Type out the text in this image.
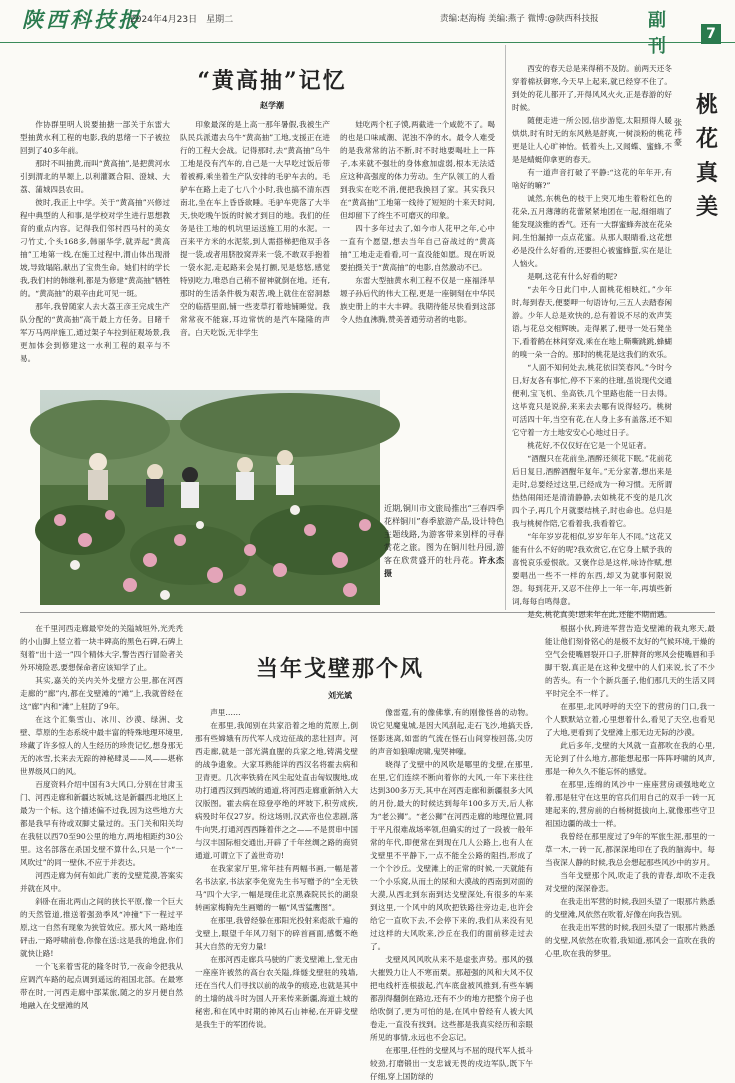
陕西科技报
2024年4月23日　星期二	责编:赵海梅 美编:燕子 微博:@陕西科技报	副刊
7
“黄高抽”记忆
赵学潮

作协群里明人说要抽搪一部关于东雷大型抽黄水利工程的电影,我的思绪一下子被拉回到了40多年前。

那时不叫抽黄,而叫“黄高抽”,是把黄河水引到渭北的旱塬上,以利灌溉合阳、澄城、大荔、蒲城四县农田。

彼时,我正上中学。关于“黄高抽”兴修过程中典型的人和事,是学校对学生进行思想教育的重点内容。记得我们邻村西马村的美女刁竹丈,个头168多,韩丽华学,就弄起“黄高抽”工地第一线,在施工过程中,渭山体出现滑坡,导致塌陷,献出了宝贵生命。她们村的学长我,我们村的韩继利,都是为修建“黄高抽”牺牲的。“黄高抽”的艰辛由此可见一斑。

那年,我曾随家人去大荔王彦王完成生产队分配的“黄高抽”高干最上方任务。目睹千军万马两岸施工,通过架子车拉到征观场景,我更加体会到修建这一水利工程的艰辛与不易。

印象最深的是上高一那年暑假,我被生产队民兵派遣去乌牛“黄高抽”工地,支援正在进行的工程大会战。记得那时,去“黄高抽”乌牛工地是没有汽车的,自己是一大早吃过饭后带着被褥,乘坐着生产队安排的毛驴车去的。毛驴车在路上走了七八个小时,我也搞不清东西南北,坐在车上昏昏欲睡。毛驴车兜落了大半天,快吃晚午饭的时候才到目的地。我们的任务是往工地的机坑里运送施工用的水泥。一百来平方米的水泥浆,到人需搭梯把他双手各提一袋,或者用脐胶窝弄来一袋,不敢双手抱着一袋水泥,走起路来会晃打颤,见是悠悠,感觉特别吃力,唯恐自己稍不留神就倒在地。还有,那时的生活条件极为艰苦,晚上就住在窑洞悬空的临搭里面,铺一些麦草打着地铺睡觉。我常常夜不能寐,耳边常恍的是汽车隆隆的声音。白天吃饭,无非学生

娃吃两个杠子馍,两截进一个咸乾不了。喝的也是口味咸潮、泥浊不净的水。最令人难受的是我常常的沾不断,时不时地要喝吐上一阵子,本来就不强壮的身体愈加虚弱,根本无法适应这种高强度的体力劳动。生产队领工的人看到我实在吃不消,便把我换回了家。其实我只在“黄高抽”工地第一线待了短短的十来天时间,但却留下了终生不可磨灭的印象。

四十多年过去了,如今市人花甲之年,心中一直有个愿望,想去当年自己奋战过的“黄高抽”工地走走看看,可一直没能如愿。现在听说要拍摄关于“黄高抽”的电影,自然激动不已。

东雷大型抽黄水利工程不仅是一座福泽旱塬子孙后代的伟大工程,更是一座铜刻在中华民族史册上的丰大丰碑。我期待能尽快看到这部令人热血沸腾,赞美普通劳动者的电影。

桃
花
真
美
张
祎
豪

西安的春天总是来得稍不及防。前两天还冬穿着棉袄御寒,今天早上起来,就已经穿不住了。到处的花儿都开了,开得风风火火,正是春游的好时候。

随便走进一所公园,信步游览,太阳照得人暖烘烘,时有时无的东风熟是舒爽,一树淡粉的桃花更是让人心旷神怡。低着头上,又闻蝶、蜜蜂,不是是蜻蜓仰拿更的春天。

有一道声音打破了平静:“这花的年年开,有啥好的嘛?”

诚然,东桃色的枝干上突兀地生着粉红色的花朵,五月薄薄的花蕾紧紧地团在一起,细细端了能发现淡雅的香气。还有一大群蜜蜂奔波在花朵间,生怕漏掉一点点花蜜。从那人眼睛看,这花想必是没什么好看的,还要担心被蜜蜂蜇,实在是让人恼火。

是啊,这花有什么好看的呢?

“去年今日此门中,人面桃花相映红。”少年时,每到春天,便要呷一句语诗句,三五人去踏春闲游。少年人总是欢快的,总有着说不尽的欢声笑语,与花总交相辉映。走得累了,便寻一处石凳坐下,看着鹤在林间穿戏,乘在在地上嘶嘶跳跳,蜂蝴的嗅一朵一合的。那时的桃花是这我们的欢乐。

“人面不知何处去,桃花依旧笑春风。”今时今日,好友各有事忙,停不下来的往璀,虽说现代交通便利,宝飞机、坐高铁,几个里路也能一日去得。这毕竟只是说辞,来来去去哪有说得轻巧。桃树可活四十年,当空有花,在人身上多有盖落,还不知它守着一方土地安安心心地过日子。

桃花好,不仅仅好在它是一个见证者。

“酒醒只在花前坐,酒醉还须花下眠。”花前花后日复日,酒醉酒醒年复年。”无分家著,想出来是走时,总要经过这里,已经成为一种习惯。无所谓热热闹闹还是清清静静,去如桃花不变的是几次四个子,再几个月就要结桃子,时也命也。总归是我与桃树作陪,它看着我,我看着它。

“年年岁岁花相似,岁岁年年人不同。”这花又能有什么不好的呢?我欢赏它,在它身上赋予我的喜悦哀乐爱恨欲。又褒作总是这样,咏诗作赋,想要唱出一些不一样的东西,却又为就事何限说怨。每到花开,又忍不住停上一年一年,再填些新词,每每自鸣得意。

是矣,桃花真美!恩来年在此,还能不期而遇。

近期,铜川市文旅局推出“三春四季 花样铜川”春季旅游产品,设计特色主题线路,为游客带来别样的寻春赏花之旅。图为在铜川牡丹园,游客在欣赏盛开的牡丹花。许永杰　摄
当年戈壁那个风
刘光斌

在千里河西走廊最窄处的关隘城垣外,光秃秃的小山脚上竖立着一块丰碑高的黑色石碑,石碑上刻着“出十送一”四个精体大字,警告西行冒险者关外环境险恶,要想保命者应该知学了止。

其实,嘉关的关内关外戈壁方公里,都在河西走廊的“廊”内,都在戈壁滩的“滩”上,我就曾经在这“廊”内和“滩”上驻防了9年。

在这个汇集雪山、冰川、沙漠、绿洲、戈壁、草原的生态系统中最丰富的特殊地理环境里,珍藏了许多惊人的人生经历的珍贵记忆,想身那无无的冰雪,长来去无踪的神秘肆灵——风——堪称世界级风口的风。

百度资料介绍中国有3大风口,分别在甘肃玉门、河西走廊和新疆达坂城,这是新疆西北地区上最为一个标。这个描述偏不过我,因为这些地方大都是我早有待或双脚丈量过的。玉门关和阳关均在我驻以西70至90公里的地方,两地相距约30公里。这名部落在杀国戈壁不算什么,只是一个“一风吹过”的同一壁休,不应于并表达。

河西走廊为何有如此广袤的戈壁荒漠,答案实并就在风中。

斜卧在南北两山之间的狭长平原,像一个巨大的天然管道,推送着强劲季风“冲撞”下一程过平原,这一自然有现象为狭管效应。那大风一路地连砰击,一路呼啸前卷,你像在送:这是我的地盘,你们就快让路!

一个飞来着雪花的隆冬时节,一夜命令把我从应调汽车路的起点调到遥远的祖国北部。在最寒带在时,一河西走廊中部某旅,随之的岁月便自然地融入在戈壁滩的风

声里……

在那里,我闻别在共家沿着之地的荒原上,倒那有些嫦娥有历代军人戍边征战的悲壮回声。河西走廊,就是一部光满血腥的兵家之地,铸满戈壁的战争遗象。大家耳熟能详的西汉名将霍去病和卫青更。几次率铁骑在风尘起处直击匈奴腹地,成功打通西汉到西域的通道,将河西走廊重新纳入大汉版图。霍去病在琼登亭绝的坪坡下,积劳成疾,病殁时年仅27岁。纷这场则,汉武帝也位悲剧,落牛向哭,打通河西西陲着伴之之——不是贯串中国与汉丰国际相交通出,开辟了千年丝绸之路的商贸通道,可谓立下了盖世奇功!

在我家家厅里,常年挂有两幅书画,一幅是著名书法家,书法家李免宽先生书写赠予的“全无铁马”四个大字,一幅是现佳北京黑森院民长的湖泉转画家梅胸先生画赠的一幅“风雪猛鹰图”。

在那里,我曾经躲在那阳光投射来彪欲千遍的戈壁上,眼望千年风刀刻下的碎首画面,感慨不绝其大自然的无穷力量!

在那河西走廊兵马驶的广袤戈壁滩上,堂无由一座座许被然的高台农关隘,烽燧戈壁驻的残墙,还在当代人们寻找以前的战争的痕迹,也就是其中的土墙的战斗时为国人开来传来新疆,海道土城的秘密,和在风中时期的神风石山神秘,在开辟戈壁是我生于的军团传说。

像雷霆,有的像佛掌,有的刚像怪兽的动物。说它见魔鬼城,是因大风刮起,走石飞沙,地搞天昏,怪影迷离,如雷的气流在怪石山间穿梭回荡,尖厉的声音如狼嗥虎啸,鬼哭神嚎。

晓得了戈壁中的风吹是哪里的戈壁,在那里,在里,它们连续不断向着你的大风,一年下来往往达到300多万天,其中在河西走廊和新疆很多大风的月份,最大的时候达到每年100多万天,后人称为“老公狮”。“老公狮”在河西走廊的地理位置,同于平凡很难战场率领,但确实的过了一段被一般年常的年代,即便常在到现在几人公路上,也有人在戈壁里不平静下,一点不能全公路的阻挡,形成了一个个沙丘。戈壁滩上的正常的时候,一天就能有一个小乐窝,从而土的尿和大漠战的西南到对面的大漠,从西北到东南到达戈壁深处,有很多的车来到这里,一个风中的风吹把铁路往旁边走,也许会给它一直吹下去,不会停下来的,我们从来没有见过这样的大风吹来,沙丘在我们的面前移走过去了。

戈壁风风风吹从来不是虚张声势。那风的强大摧毁力让人不寒而栗。那超强的风和大风不仅把电线杆连根拔起,汽车底盘被风推到,有些车辆都刮得翻倒在路边,还有不少的地方把整个房子也给吹倒了,更为可怕的是,在风中曾经有人被大风卷走,一直没有找到。这些都是我真实经历和亲眼所见的事情,永远也不会忘记。

在那里,任性的戈壁风与不屈的现代军人抵斗较劲,打磨锻出一支忠诚无畏的戍边军队,既下午仔细,穿上国防绿的

根据小伙,跨进军营告造戈壁滩的栽丸寒天,最能让他们刻骨铭心的是极不友好的气候环境,干燥的空气会使嘴唇裂开口子,肝脾肾的寒风会使嘴唇和手脚干裂,真正是在这种戈壁中的人们来说,长了不少的苦头。有一个个新兵蛋子,他们那几天的生活又同平时完全不一样了。

在那里,北风呼呼的天空下的营房的门口,我一个人默默站立着,心里想着什么,看见了天空,也看见了大地,更看到了戈壁滩上那无边无际的沙漠。

此后多年,戈壁的大风就一直都吹在我的心里,无论到了什么地方,都能想起那一阵阵呼啸的风声,那是一种久久不能忘怀的感觉。

在那里,连绵的风沙中一座座营房顽强地屹立着,那是驻守在这里的官兵们用自己的双手一砖一瓦建起来的,营房前的白杨树挺拔向上,就像那些守卫祖国边疆的战士一样。

我曾经在那里度过了9年的军旅生涯,那里的一草一木,一砖一瓦,都深深地印在了我的脑海中。每当夜深人静的时候,我总会想起那些风沙中的岁月。

当年戈壁那个风,吹走了我的青春,却吹不走我对戈壁的深深眷恋。

在我走出军营的时候,我回头望了一眼那片熟悉的戈壁滩,风依然在吹着,好像在向我告别。

在我走出军营的时候,我回头望了一眼那片熟悉的戈壁,风依然在吹着,我知道,那风会一直吹在我的心里,吹在我的梦里。
